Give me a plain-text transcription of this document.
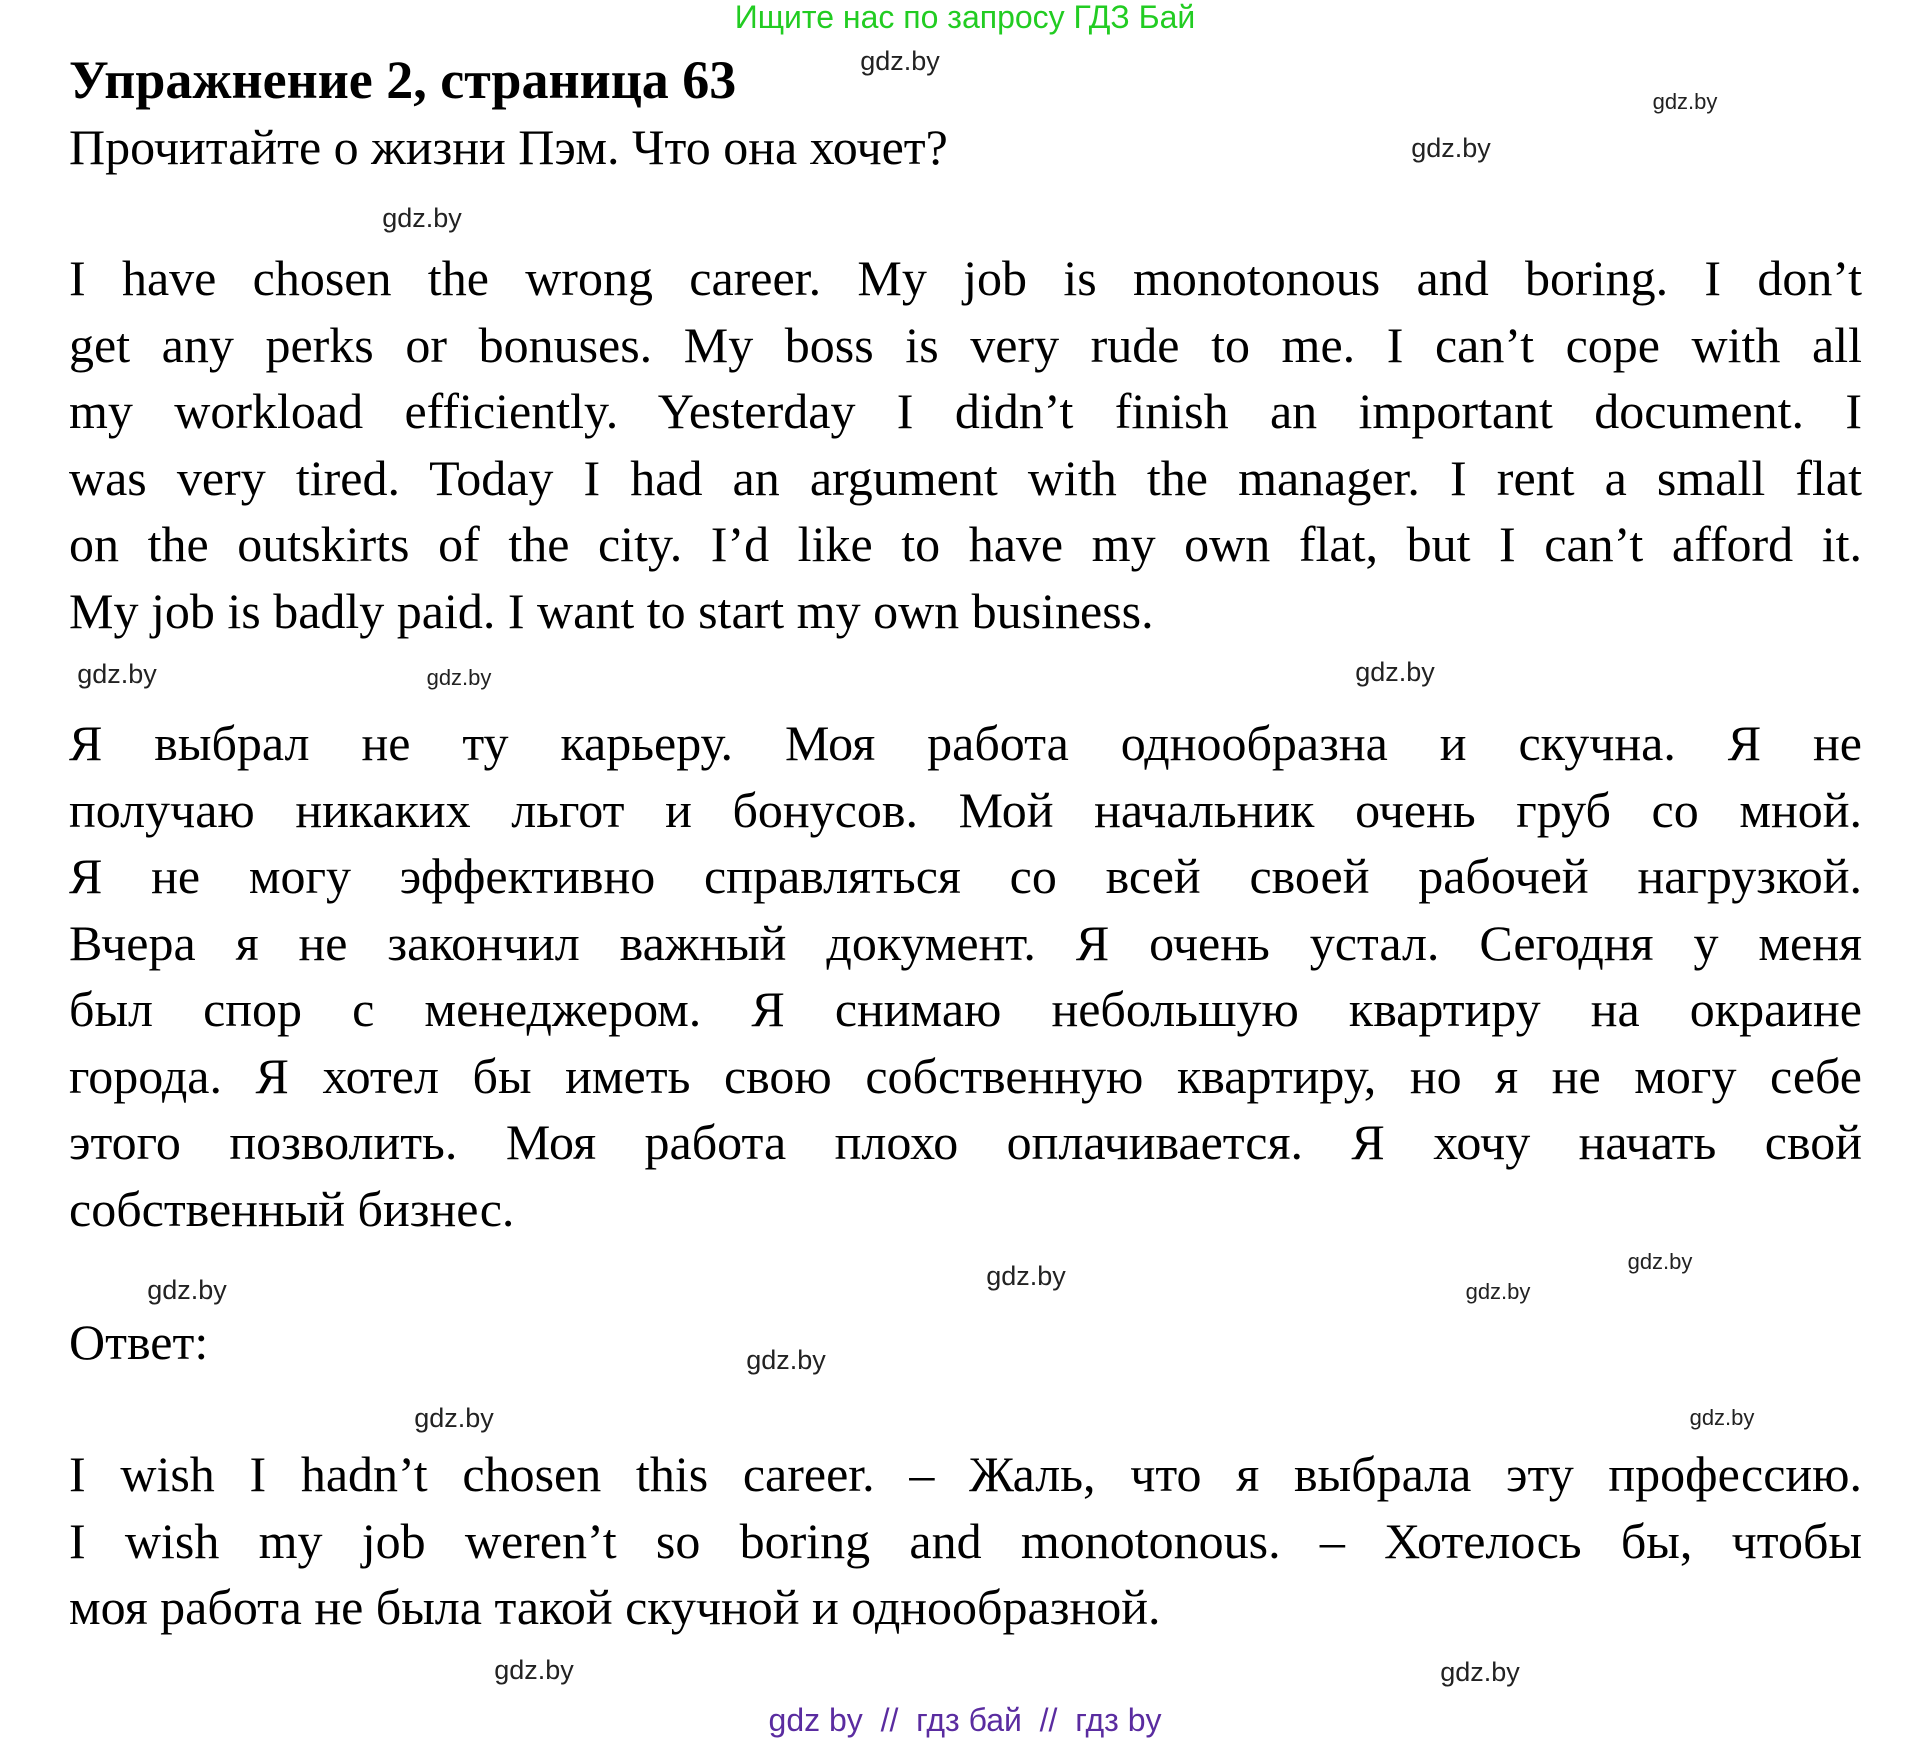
Ищите нас по запросу ГДЗ Бай
Упражнение 2, страница 63
Прочитайте о жизни Пэм. Что она хочет?
I have chosen the wrong career. My job is monotonous and boring. I don’t
get any perks or bonuses. My boss is very rude to me. I can’t cope with all
my workload efficiently. Yesterday I didn’t finish an important document. I
was very tired. Today I had an argument with the manager. I rent a small flat
on the outskirts of the city. I’d like to have my own flat, but I can’t afford it.
My job is badly paid. I want to start my own business.
Я выбрал не ту карьеру. Моя работа однообразна и скучна. Я не
получаю никаких льгот и бонусов. Мой начальник очень груб со мной.
Я не могу эффективно справляться со всей своей рабочей нагрузкой.
Вчера я не закончил важный документ. Я очень устал. Сегодня у меня
был спор с менеджером. Я снимаю небольшую квартиру на окраине
города. Я хотел бы иметь свою собственную квартиру, но я не могу себе
этого позволить. Моя работа плохо оплачивается. Я хочу начать свой
собственный бизнес.
Ответ:
I wish I hadn’t chosen this career. – Жаль, что я выбрала эту профессию.
I wish my job weren’t so boring and monotonous. – Хотелось бы, чтобы
моя работа не была такой скучной и однообразной.
gdz.by
gdz.by
gdz.by
gdz.by
gdz.by
gdz.by	gdz.by
gdz.by
gdz.by
gdz.by
gdz.by
gdz.by
gdz.by	gdz.by
gdz.by
gdz.by
gdz by  //  гдз бай  //  гдз by
